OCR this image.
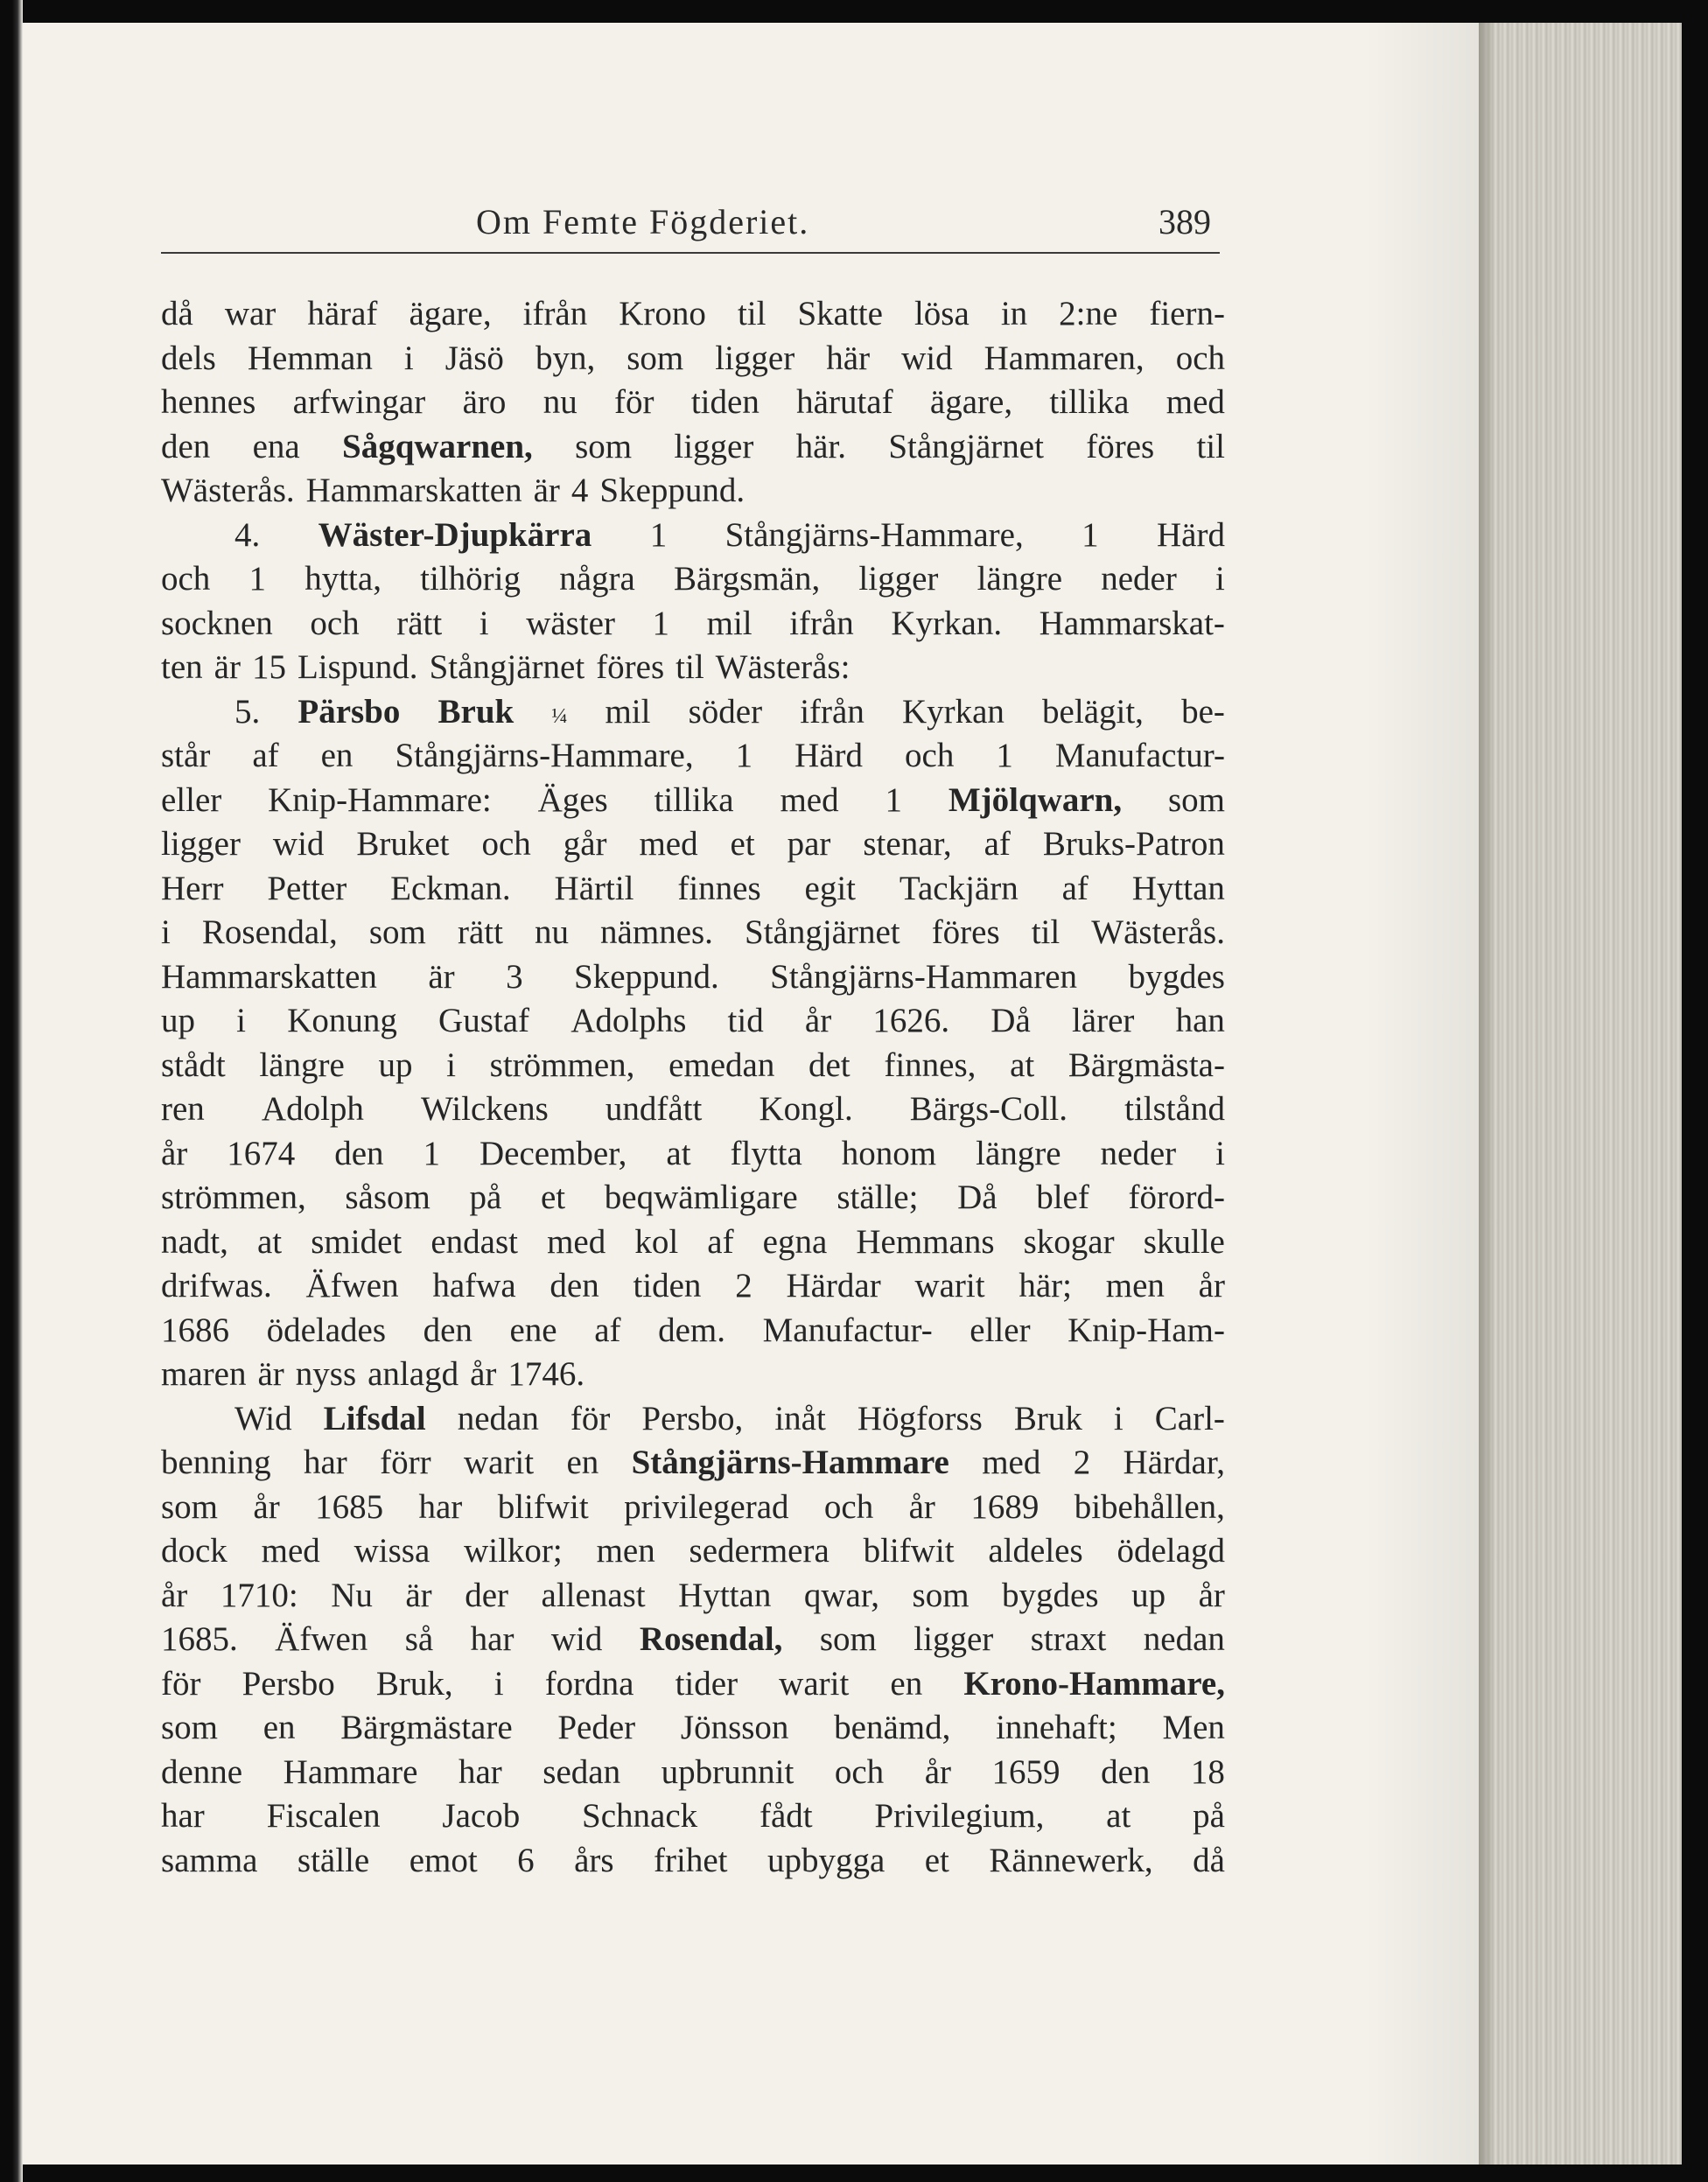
Om Femte Fögderiet.	389
då war häraf ägare, ifrån Krono til Skatte lösa in 2:ne fiern-
dels Hemman i Jäsö byn, som ligger här wid Hammaren, och
hennes arfwingar äro nu för tiden härutaf ägare, tillika med
den ena Sågqwarnen, som ligger här. Stångjärnet föres til
Wästerås. Hammarskatten är 4 Skeppund.
4. Wäster-Djupkärra 1 Stångjärns-Hammare, 1 Härd
och 1 hytta, tilhörig några Bärgsmän, ligger längre neder i
socknen och rätt i wäster 1 mil ifrån Kyrkan. Hammarskat-
ten är 15 Lispund. Stångjärnet föres til Wästerås:
5. Pärsbo Bruk ¼ mil söder ifrån Kyrkan belägit, be-
står af en Stångjärns-Hammare, 1 Härd och 1 Manufactur-
eller Knip-Hammare: Äges tillika med 1 Mjölqwarn, som
ligger wid Bruket och går med et par stenar, af Bruks-Patron
Herr Petter Eckman. Härtil finnes egit Tackjärn af Hyttan
i Rosendal, som rätt nu nämnes. Stångjärnet föres til Wästerås.
Hammarskatten är 3 Skeppund. Stångjärns-Hammaren bygdes
up i Konung Gustaf Adolphs tid år 1626. Då lärer han
stådt längre up i strömmen, emedan det finnes, at Bärgmästa-
ren Adolph Wilckens undfått Kongl. Bärgs-Coll. tilstånd
år 1674 den 1 December, at flytta honom längre neder i
strömmen, såsom på et beqwämligare ställe; Då blef förord-
nadt, at smidet endast med kol af egna Hemmans skogar skulle
drifwas. Äfwen hafwa den tiden 2 Härdar warit här; men år
1686 ödelades den ene af dem. Manufactur- eller Knip-Ham-
maren är nyss anlagd år 1746.
Wid Lifsdal nedan för Persbo, inåt Högforss Bruk i Carl-
benning har förr warit en Stångjärns-Hammare med 2 Härdar,
som år 1685 har blifwit privilegerad och år 1689 bibehållen,
dock med wissa wilkor; men sedermera blifwit aldeles ödelagd
år 1710: Nu är der allenast Hyttan qwar, som bygdes up år
1685. Äfwen så har wid Rosendal, som ligger straxt nedan
för Persbo Bruk, i fordna tider warit en Krono-Hammare,
som en Bärgmästare Peder Jönsson benämd, innehaft; Men
denne Hammare har sedan upbrunnit och år 1659 den 18
har Fiscalen Jacob Schnack fådt Privilegium, at på
samma ställe emot 6 års frihet upbygga et Rännewerk, då
